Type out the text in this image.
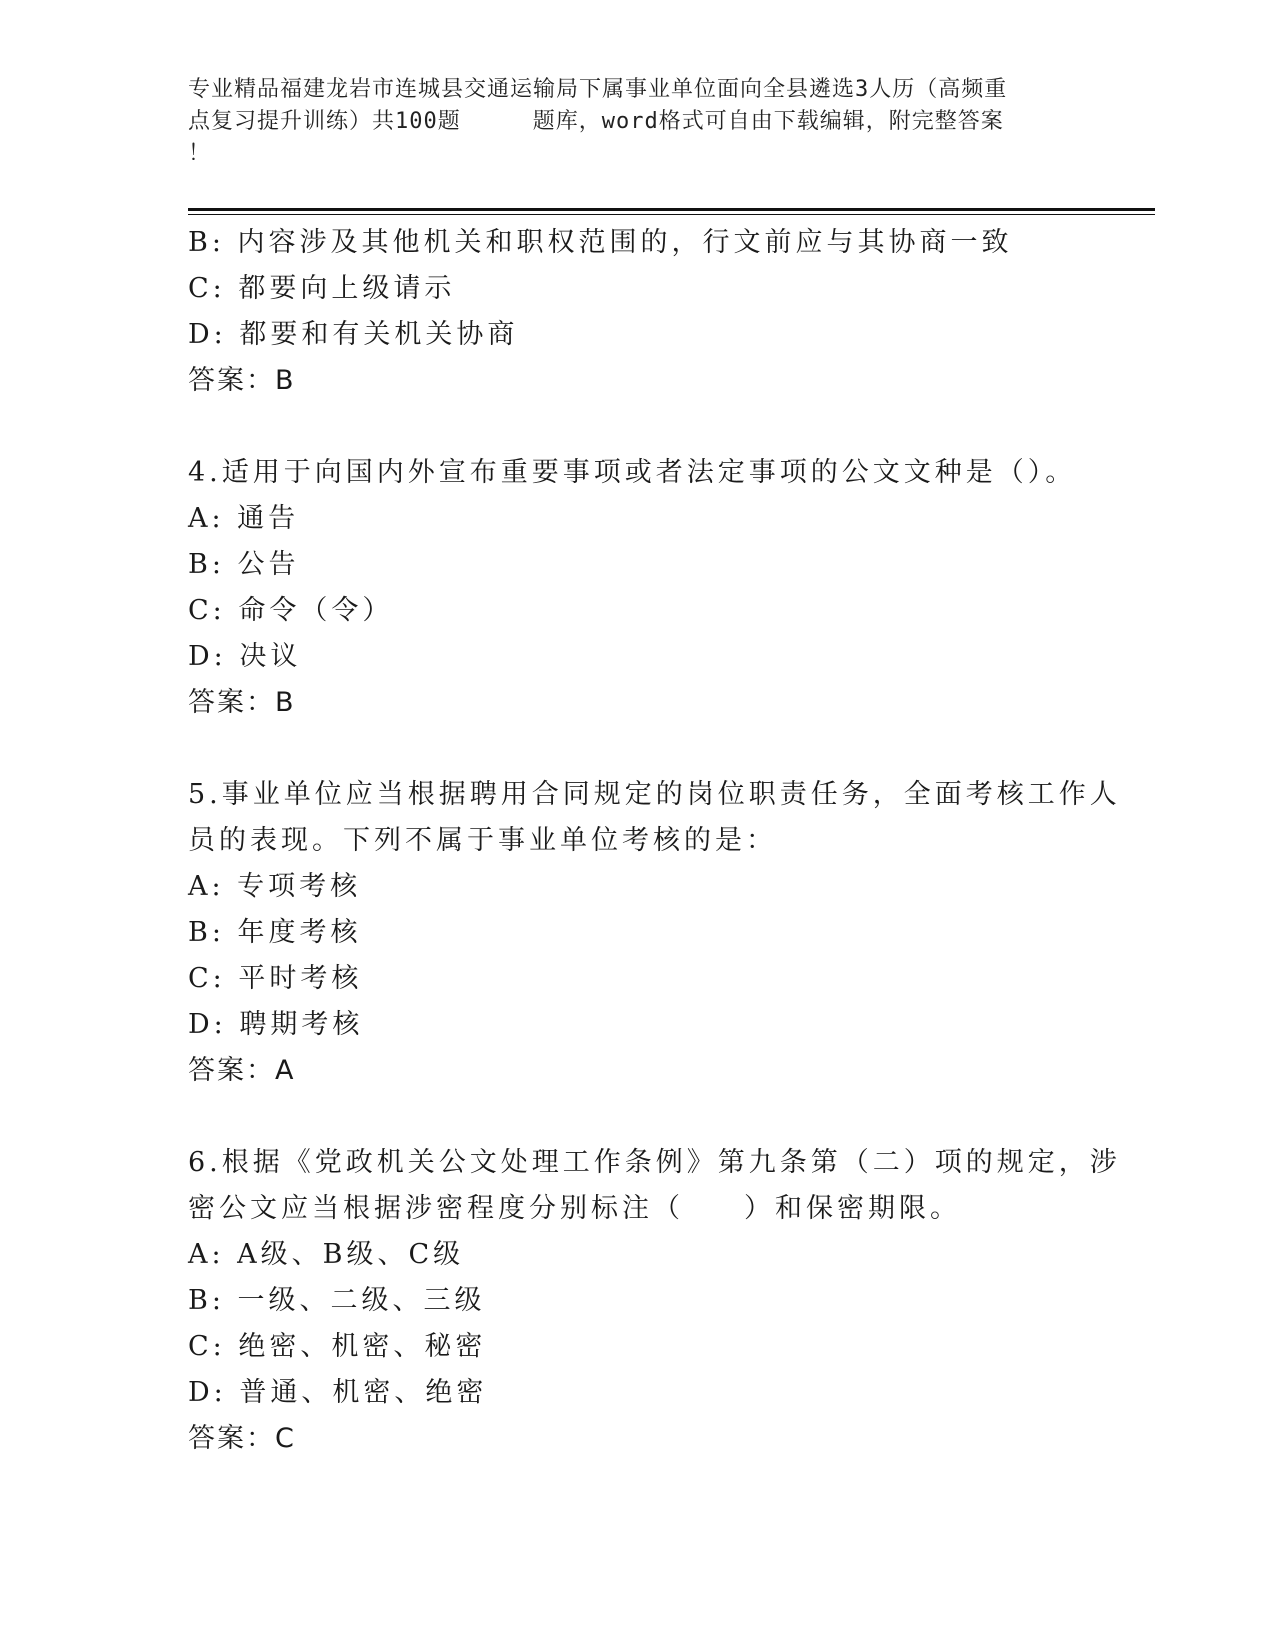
专业精品福建龙岩市连城县交通运输局下属事业单位面向全县遴选3人历（高频重
点复习提升训练）共100题	题库，word格式可自由下载编辑，附完整答案
！
B: 内容涉及其他机关和职权范围的，行文前应与其协商一致
C: 都要向上级请示
D: 都要和有关机关协商
答案：B
4.适用于向国内外宣布重要事项或者法定事项的公文文种是（）。
A: 通告
B: 公告
C: 命令（令）
D: 决议
答案：B
5.事业单位应当根据聘用合同规定的岗位职责任务，全面考核工作人
员的表现。下列不属于事业单位考核的是：
A: 专项考核
B: 年度考核
C: 平时考核
D: 聘期考核
答案：A
6.根据《党政机关公文处理工作条例》第九条第（二）项的规定，涉
密公文应当根据涉密程度分别标注（ ）和保密期限。
A: A级、B级、C级
B: 一级、二级、三级
C: 绝密、机密、秘密
D: 普通、机密、绝密
答案：C
